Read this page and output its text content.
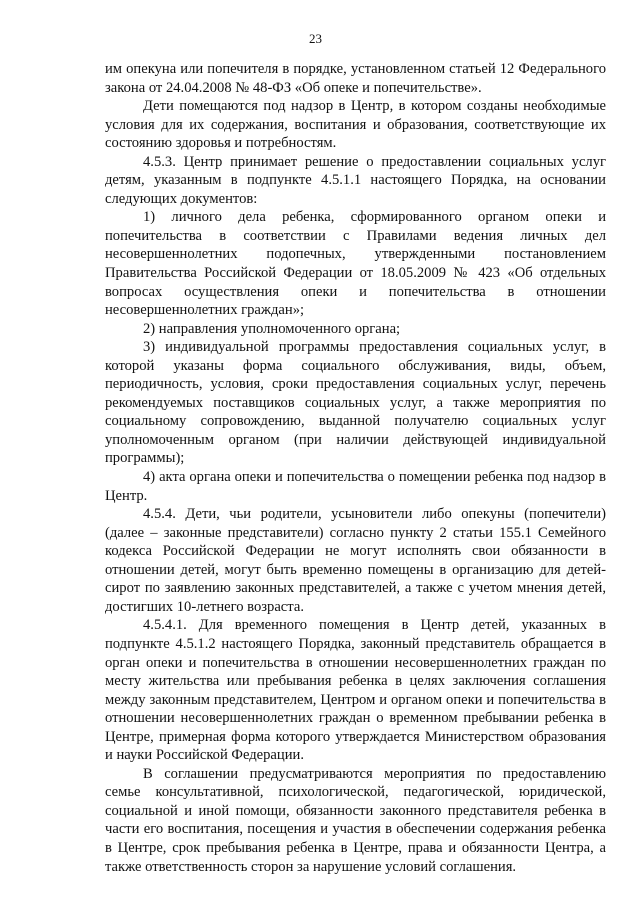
23

им опекуна или попечителя в порядке, установленном статьей 12 Федерального закона от 24.04.2008 № 48-ФЗ «Об опеке и попечительстве».

Дети помещаются под надзор в Центр, в котором созданы необходимые условия для их содержания, воспитания и образования, соответствующие их состоянию здоровья и потребностям.

4.5.3. Центр принимает решение о предоставлении социальных услуг детям, указанным в подпункте 4.5.1.1 настоящего Порядка, на основании следующих документов:

1) личного дела ребенка, сформированного органом опеки и попечительства в соответствии с Правилами ведения личных дел несовершеннолетних подопечных, утвержденными постановлением Правительства Российской Федерации от 18.05.2009 № 423 «Об отдельных вопросах осуществления опеки и попечительства в отношении несовершеннолетних граждан»;

2) направления уполномоченного органа;

3) индивидуальной программы предоставления социальных услуг, в которой указаны форма социального обслуживания, виды, объем, периодичность, условия, сроки предоставления социальных услуг, перечень рекомендуемых поставщиков социальных услуг, а также мероприятия по социальному сопровождению, выданной получателю социальных услуг уполномоченным органом (при наличии действующей индивидуальной программы);

4) акта органа опеки и попечительства о помещении ребенка под надзор в Центр.

4.5.4. Дети, чьи родители, усыновители либо опекуны (попечители) (далее – законные представители) согласно пункту 2 статьи 155.1 Семейного кодекса Российской Федерации не могут исполнять свои обязанности в отношении детей, могут быть временно помещены в организацию для детей-сирот по заявлению законных представителей, а также с учетом мнения детей, достигших 10-летнего возраста.

4.5.4.1. Для временного помещения в Центр детей, указанных в подпункте 4.5.1.2 настоящего Порядка, законный представитель обращается в орган опеки и попечительства в отношении несовершеннолетних граждан по месту жительства или пребывания ребенка в целях заключения соглашения между законным представителем, Центром и органом опеки и попечительства в отношении несовершеннолетних граждан о временном пребывании ребенка в Центре, примерная форма которого утверждается Министерством образования и науки Российской Федерации.

В соглашении предусматриваются мероприятия по предоставлению семье консультативной, психологической, педагогической, юридической, социальной и иной помощи, обязанности законного представителя ребенка в части его воспитания, посещения и участия в обеспечении содержания ребенка в Центре, срок пребывания ребенка в Центре, права и обязанности Центра, а также ответственность сторон за нарушение условий соглашения.
